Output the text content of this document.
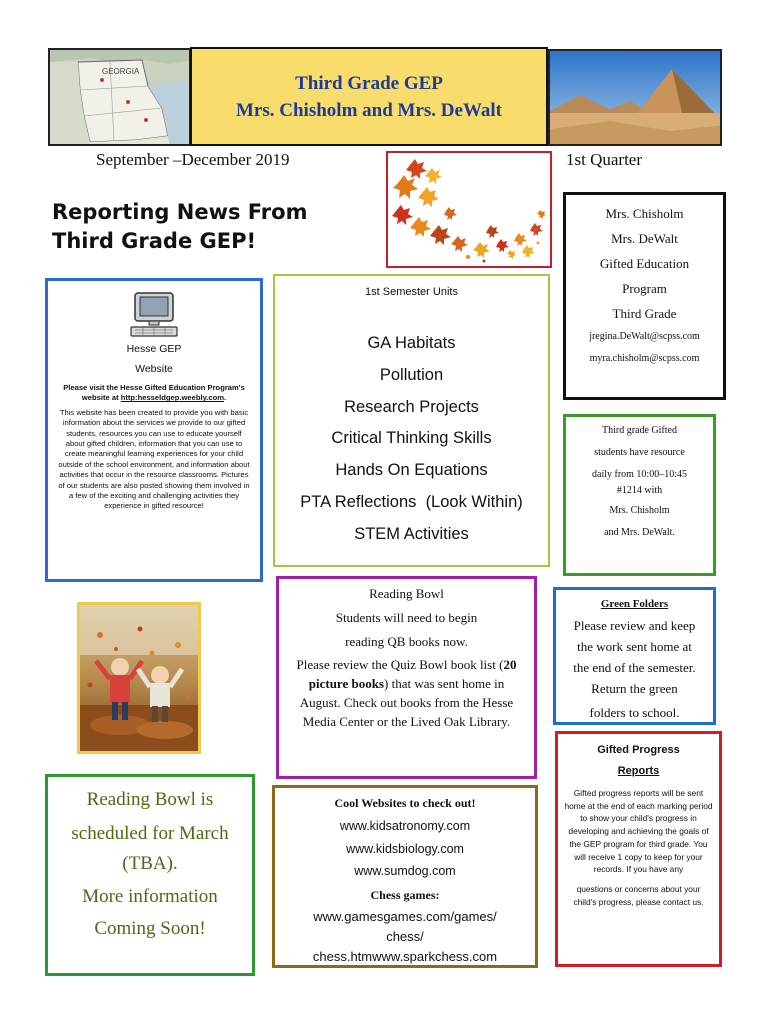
GEORGIA
Third Grade GEP
Mrs. Chisholm and Mrs. DeWalt
September –December 2019	1st Quarter
Reporting News From
Third Grade GEP!
Mrs. Chisholm
Mrs. DeWalt
Gifted Education
Program
Third Grade
jregina.DeWalt@scpss.com
myra.chisholm@scpss.com
Hesse GEP
Website

Please visit the Hesse Gifted Education Program's website at http:hesseldgep.weebly.com.

This website has been created to provide you with basic information about the services we provide to our gifted students, resources you can use to educate yourself about gifted children, information that you can use to create meaningful learning experiences for your child outside of the school environment, and information about activities that occur in the resource classrooms. Pictures of our students are also posted showing them involved in a few of the exciting and challenging activities they experience in gifted resource!

1st Semester Units
GA Habitats
Pollution
Research Projects
Critical Thinking Skills
Hands On Equations
PTA Reflections  (Look Within)
STEM Activities
Third grade Gifted
students have resource
daily from 10:00–10:45
#1214 with
Mrs. Chisholm
and Mrs. DeWalt.
Reading Bowl
Students will need to begin
reading QB books now.
Please review the Quiz Bowl book list (20 picture books) that was sent home in August. Check out books from the Hesse Media Center or the Lived Oak Library.
Green Folders
Please review and keep
the work sent home at
the end of the semester.
Return the green
folders to school.
Reading Bowl is
scheduled for March
(TBA).
More information
Coming Soon!
Cool Websites to check out!
www.kidsatronomy.com
www.kidsbiology.com
www.sumdog.com
Chess games:
www.gamesgames.com/games/
chess/
chess.htmwww.sparkchess.com
Gifted Progress
Reports
Gifted progress reports will be sent home at the end of each marking period to show your child's progress in developing and achieving the goals of the GEP program for third grade. You will receive 1 copy to keep for your records. If you have any
questions or concerns about your child's progress, please contact us.
